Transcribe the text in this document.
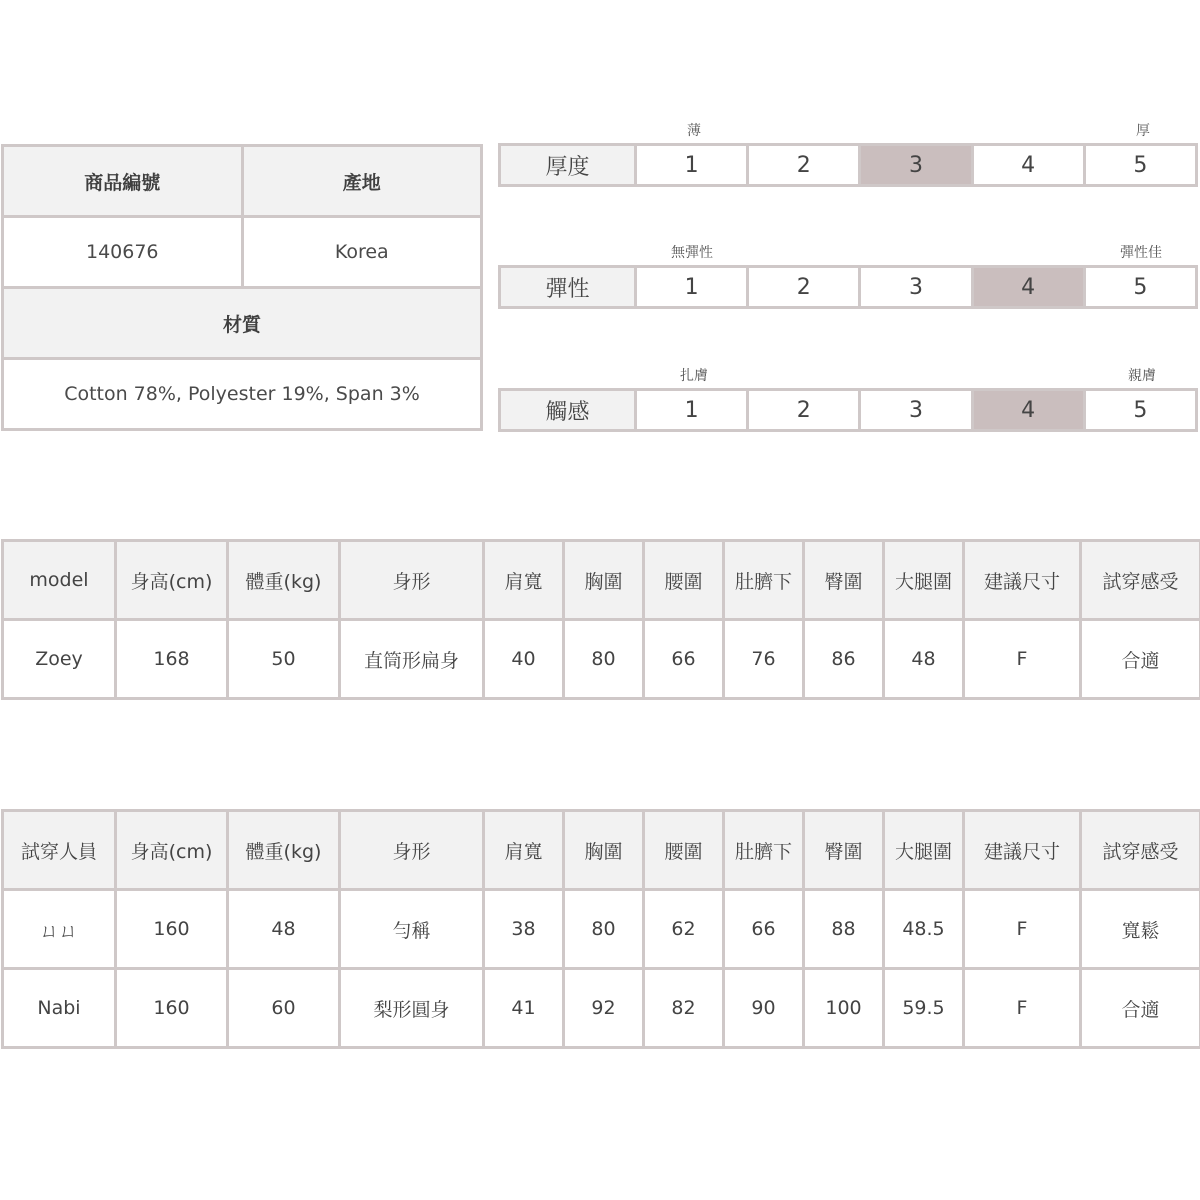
商品編號	產地
140676	Korea
材質	
Cotton 78%, Polyester 19%, Span 3%	
薄	厚
厚度	1	2	3	4	5
無彈性	彈性佳
彈性	1	2	3	4	5
扎膚	親膚
觸感	1	2	3	4	5
model	身高(cm)	體重(kg)	身形	肩寬	胸圍	腰圍	肚臍下	臀圍	大腿圍	建議尺寸	試穿感受
Zoey	168	50	直筒形扁身	40	80	66	76	86	48	F	合適
試穿人員	身高(cm)	體重(kg)	身形	肩寬	胸圍	腰圍	肚臍下	臀圍	大腿圍	建議尺寸	試穿感受
ㄩㄩ	160	48	勻稱	38	80	62	66	88	48.5	F	寬鬆
Nabi	160	60	梨形圓身	41	92	82	90	100	59.5	F	合適
